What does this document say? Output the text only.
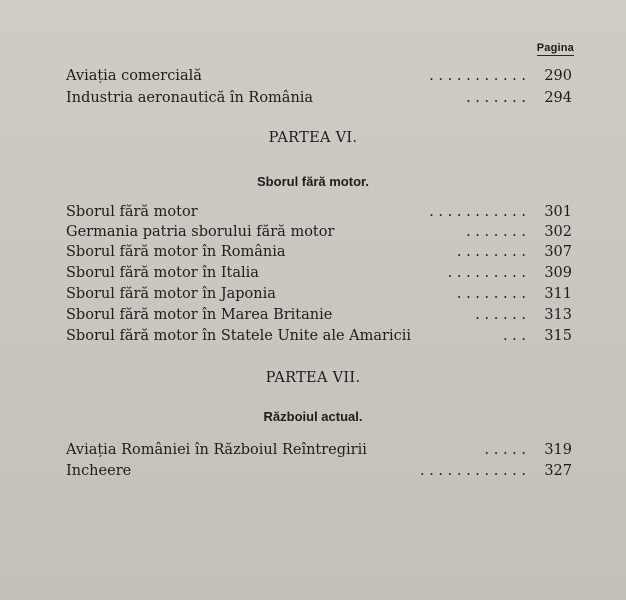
Pagina
Aviația comercială	. . . . . . . . . . .	290
Industria aeronautică în România	. . . . . . .	294
PARTEA VI.
Sborul fără motor.
Sborul fără motor	. . . . . . . . . . .	301
Germania patria sborului fără motor	. . . . . . .	302
Sborul fără motor în România	. . . . . . . .	307
Sborul fără motor în Italia	. . . . . . . . .	309
Sborul fără motor în Japonia	. . . . . . . .	311
Sborul fără motor în Marea Britanie	. . . . . .	313
Sborul fără motor în Statele Unite ale Amaricii	. . .	315
PARTEA VII.
Războiul actual.
Aviația României în Războiul Reîntregirii	. . . . .	319
Incheere	. . . . . . . . . . . .	327
